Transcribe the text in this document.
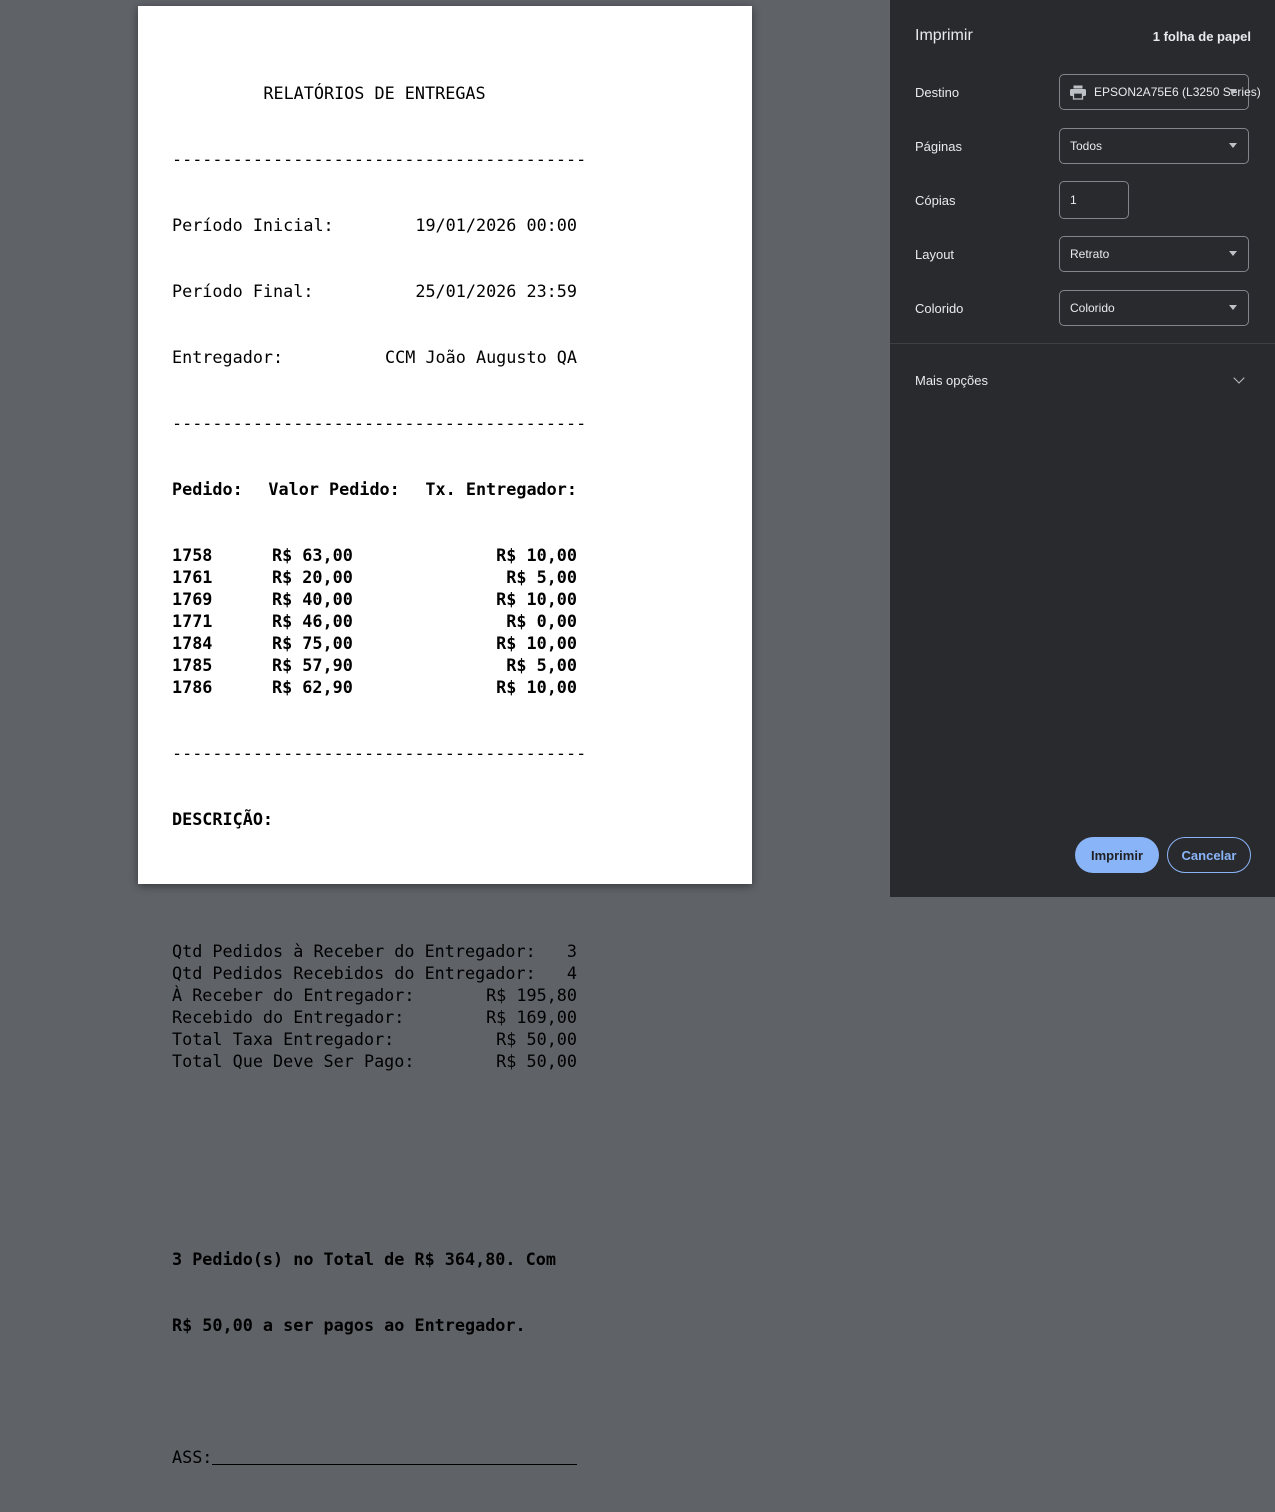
RELATÓRIOS DE ENTREGAS

-----------------------------------------

Período Inicial:	19/01/2026 00:00

Período Final:	25/01/2026 23:59

Entregador:	CCM João Augusto QA

-----------------------------------------

Pedido: Valor Pedido: Tx. Entregador:

1758	R$ 63,00	R$ 10,00
1761	R$ 20,00	R$ 5,00
1769	R$ 40,00	R$ 10,00
1771	R$ 46,00	R$ 0,00
1784	R$ 75,00	R$ 10,00
1785	R$ 57,90	R$ 5,00
1786	R$ 62,90	R$ 10,00

-----------------------------------------

DESCRIÇÃO:

Qtd Pedidos à Receber do Entregador: 3
Qtd Pedidos Recebidos do Entregador: 4
À Receber do Entregador:	R$ 195,80
Recebido do Entregador:	R$ 169,00
Total Taxa Entregador:	R$ 50,00
Total Que Deve Ser Pago:	R$ 50,00

3 Pedido(s) no Total de R$ 364,80. Com

R$ 50,00 a ser pagos ao Entregador.

ASS:

Imprimir	1 folha de papel
Destino	EPSON2A75E6 (L3250 Series)
Páginas	Todos
Cópias
1
Layout	Retrato
Colorido	Colorido
Mais opções
Imprimir	Cancelar
